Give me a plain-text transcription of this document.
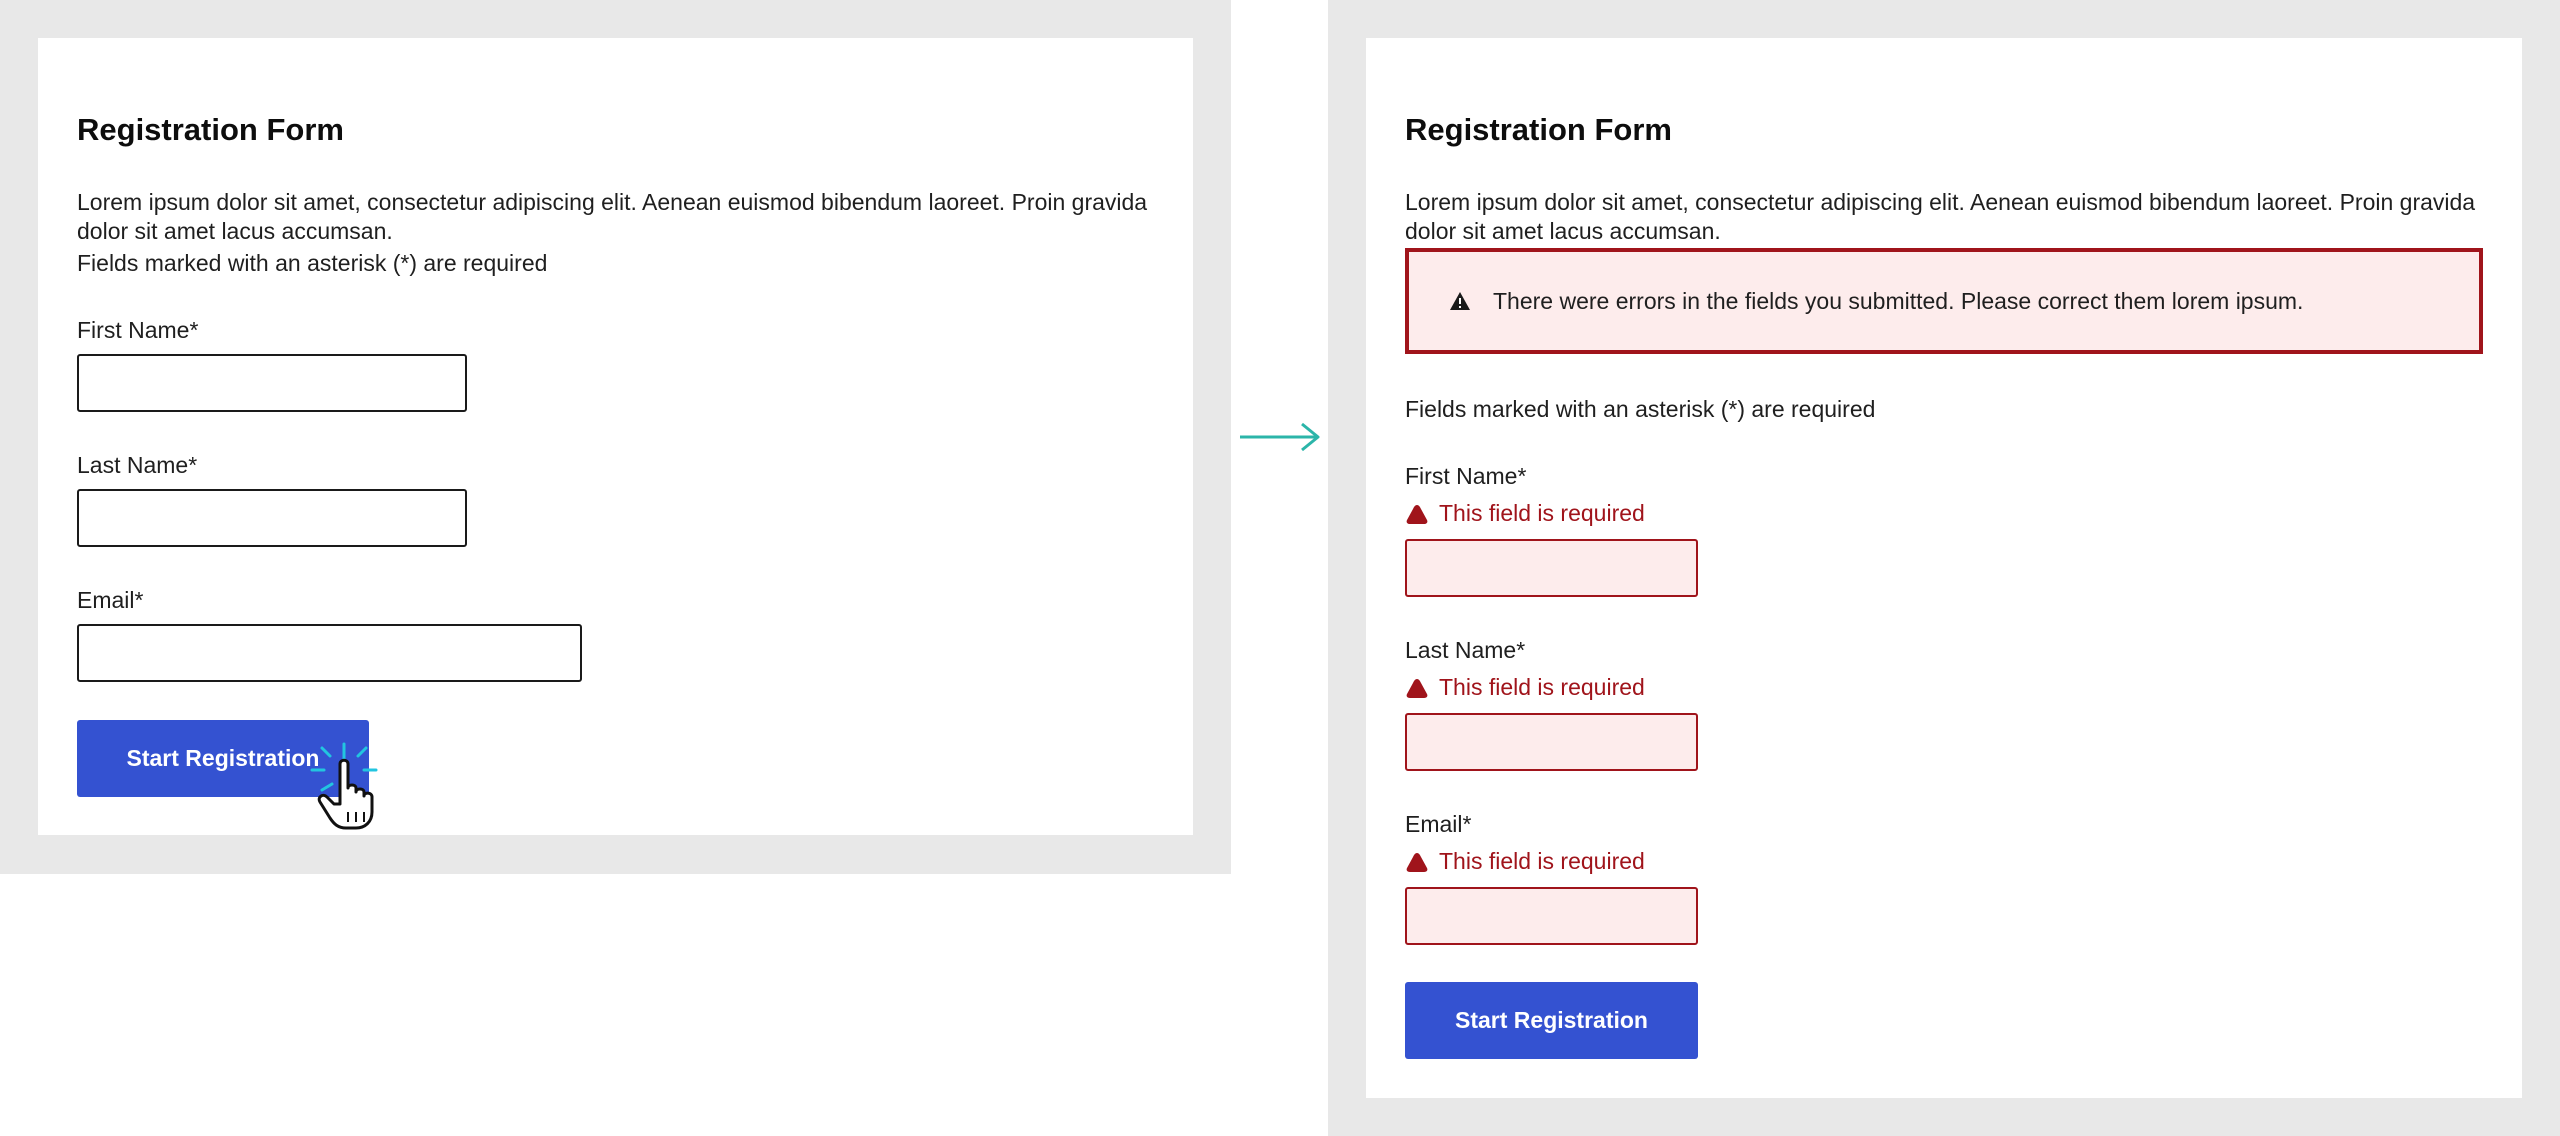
Registration Form

Lorem ipsum dolor sit amet, consectetur adipiscing elit. Aenean euismod bibendum laoreet. Proin gravida dolor sit amet lacus accumsan.

Fields marked with an asterisk (*) are required

First Name*
Last Name*
Email*
Start Registration
Registration Form

Lorem ipsum dolor sit amet, consectetur adipiscing elit. Aenean euismod bibendum laoreet. Proin gravida dolor sit amet lacus accumsan.

There were errors in the fields you submitted. Please correct them lorem ipsum.

Fields marked with an asterisk (*) are required

First Name*
This field is required
Last Name*
This field is required
Email*
This field is required
Start Registration
